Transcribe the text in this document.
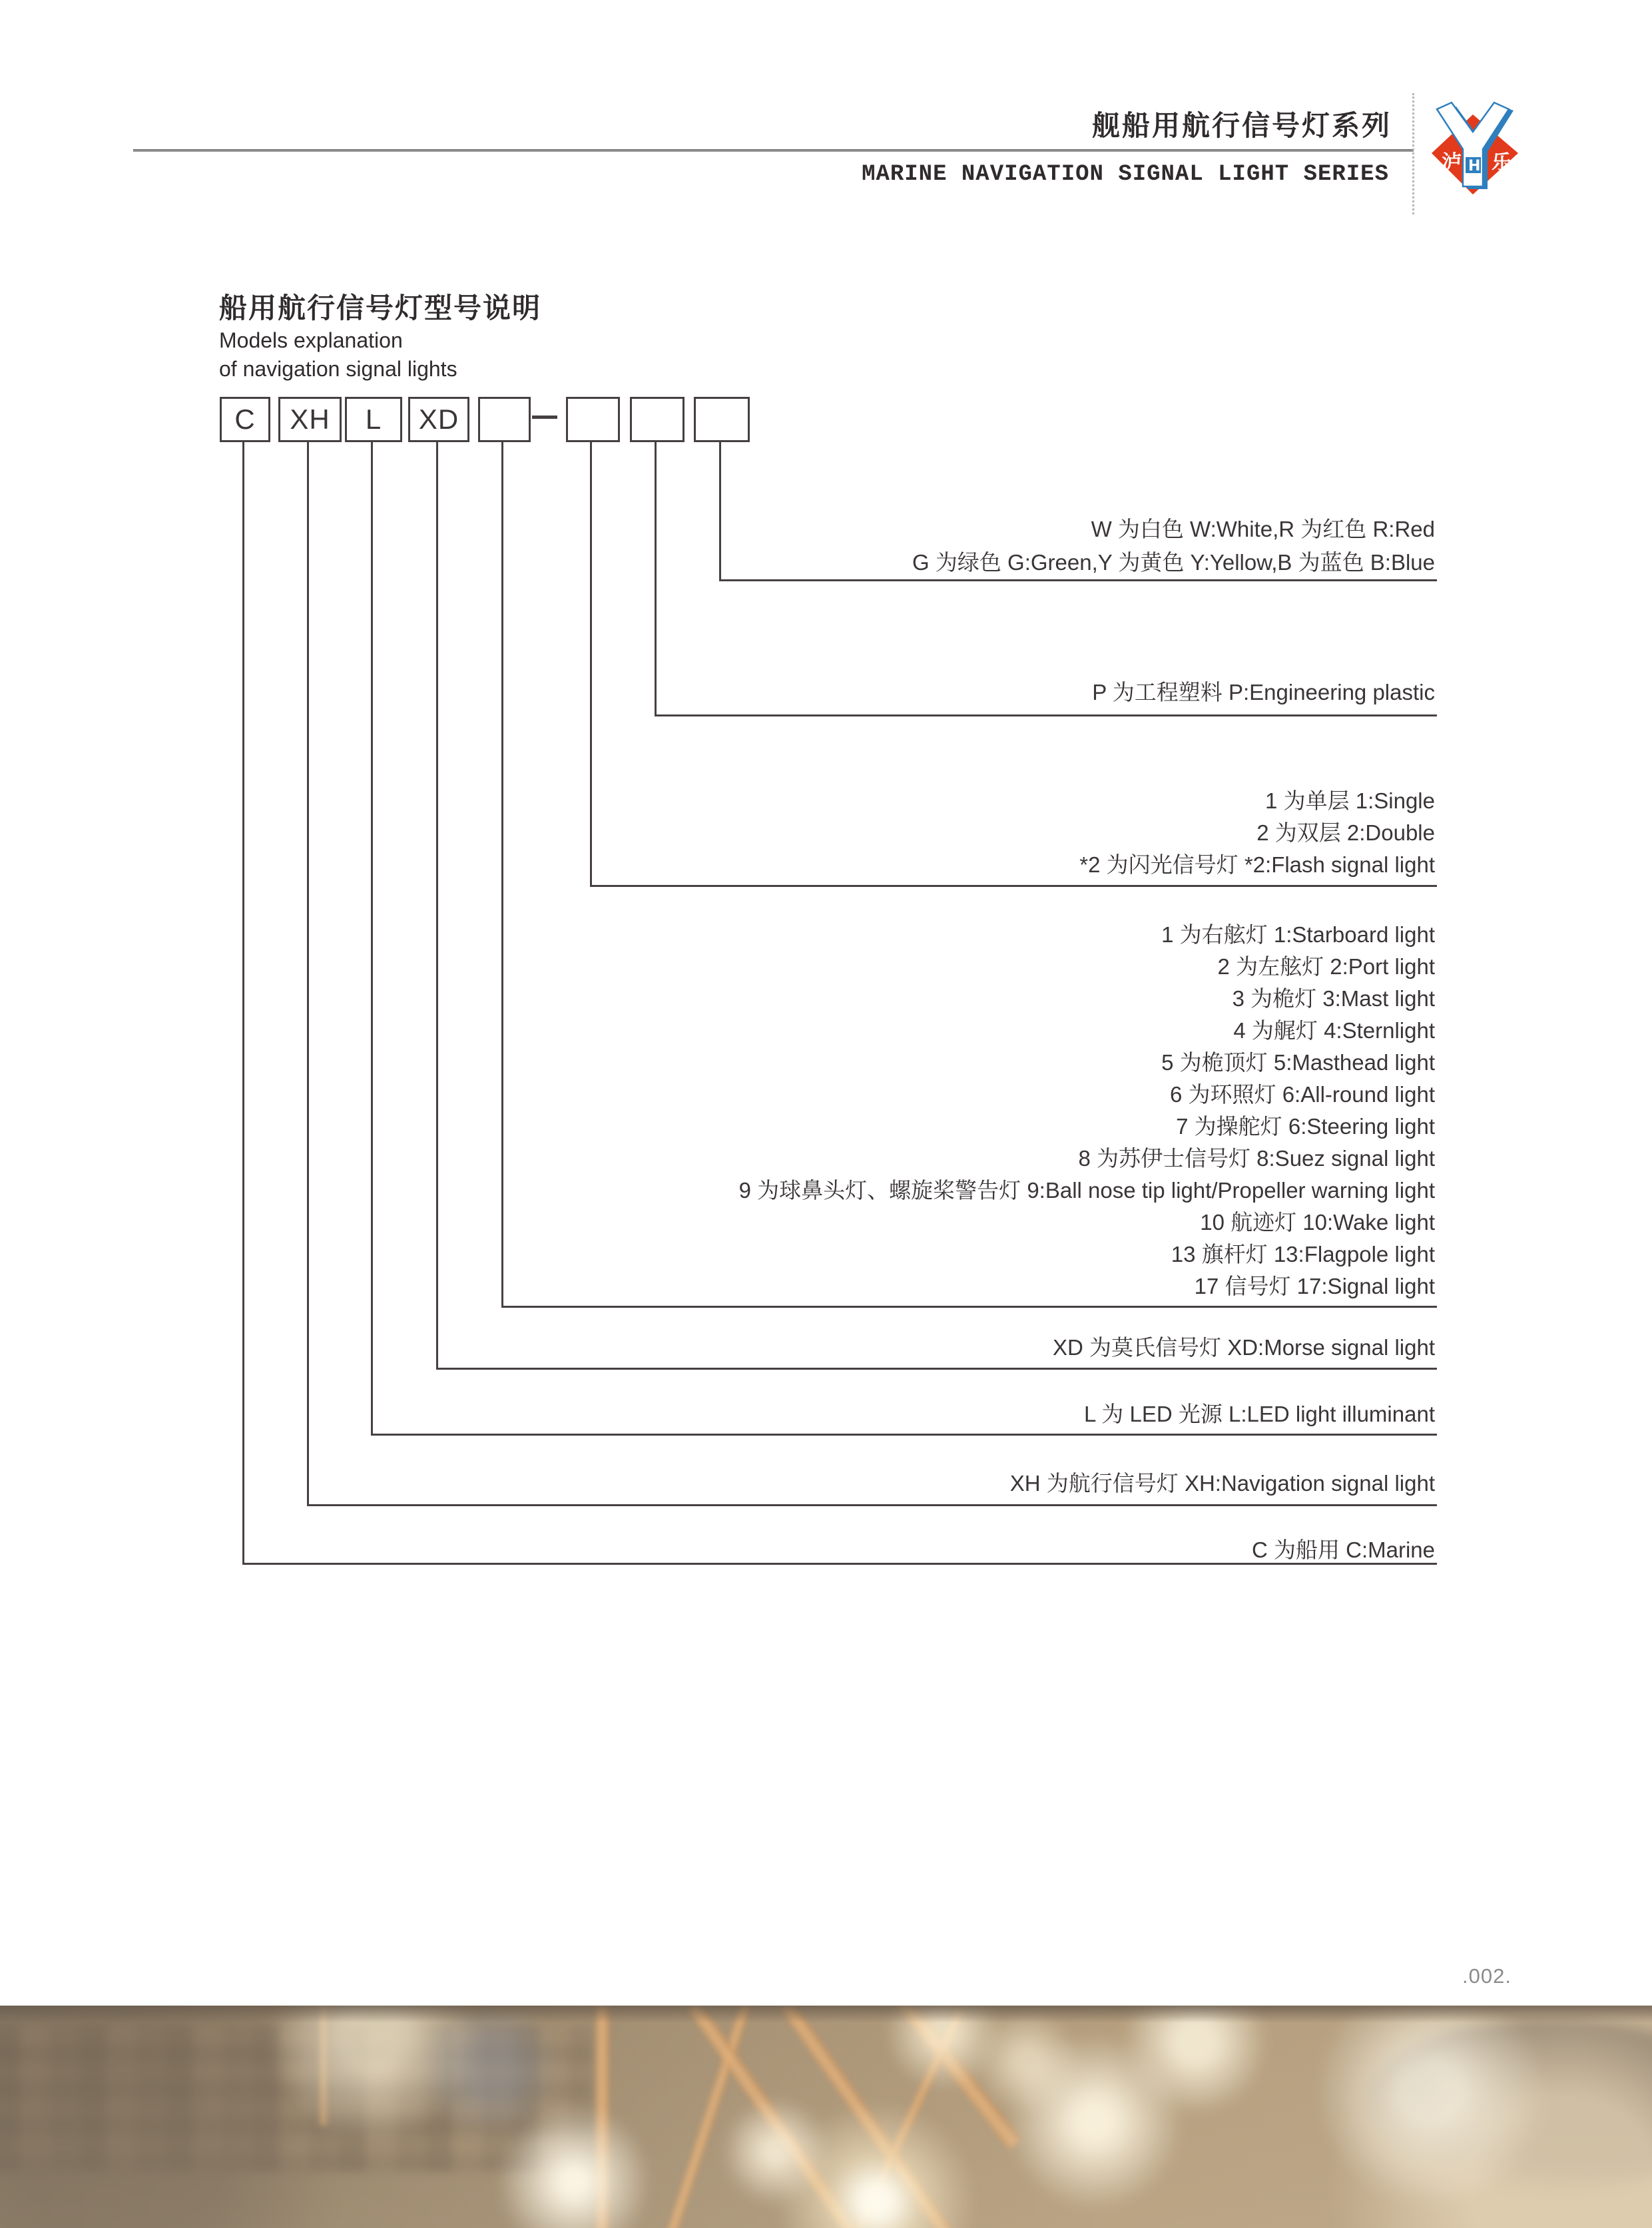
舰船用航行信号灯系列
MARINE NAVIGATION SIGNAL LIGHT SERIES	泸 H 乐
船用航行信号灯型号说明
Models explanation
of navigation signal lights
C	XH	L	XD
W 为白色 W:White,R 为红色 R:Red
G 为绿色 G:Green,Y 为黄色 Y:Yellow,B 为蓝色 B:Blue
P 为工程塑料 P:Engineering plastic
1 为单层 1:Single
2 为双层 2:Double
*2 为闪光信号灯 *2:Flash signal light
1 为右舷灯 1:Starboard light
2 为左舷灯 2:Port light
3 为桅灯 3:Mast light
4 为艉灯 4:Sternlight
5 为桅顶灯 5:Masthead light
6 为环照灯 6:All-round light
7 为操舵灯 6:Steering light
8 为苏伊士信号灯 8:Suez signal light
9 为球鼻头灯、螺旋桨警告灯 9:Ball nose tip light/Propeller warning light
10 航迹灯 10:Wake light
13 旗杆灯 13:Flagpole light
17 信号灯 17:Signal light
XD 为莫氏信号灯 XD:Morse signal light
L 为 LED 光源 L:LED light illuminant
XH 为航行信号灯 XH:Navigation signal light
C 为船用 C:Marine
.002.
